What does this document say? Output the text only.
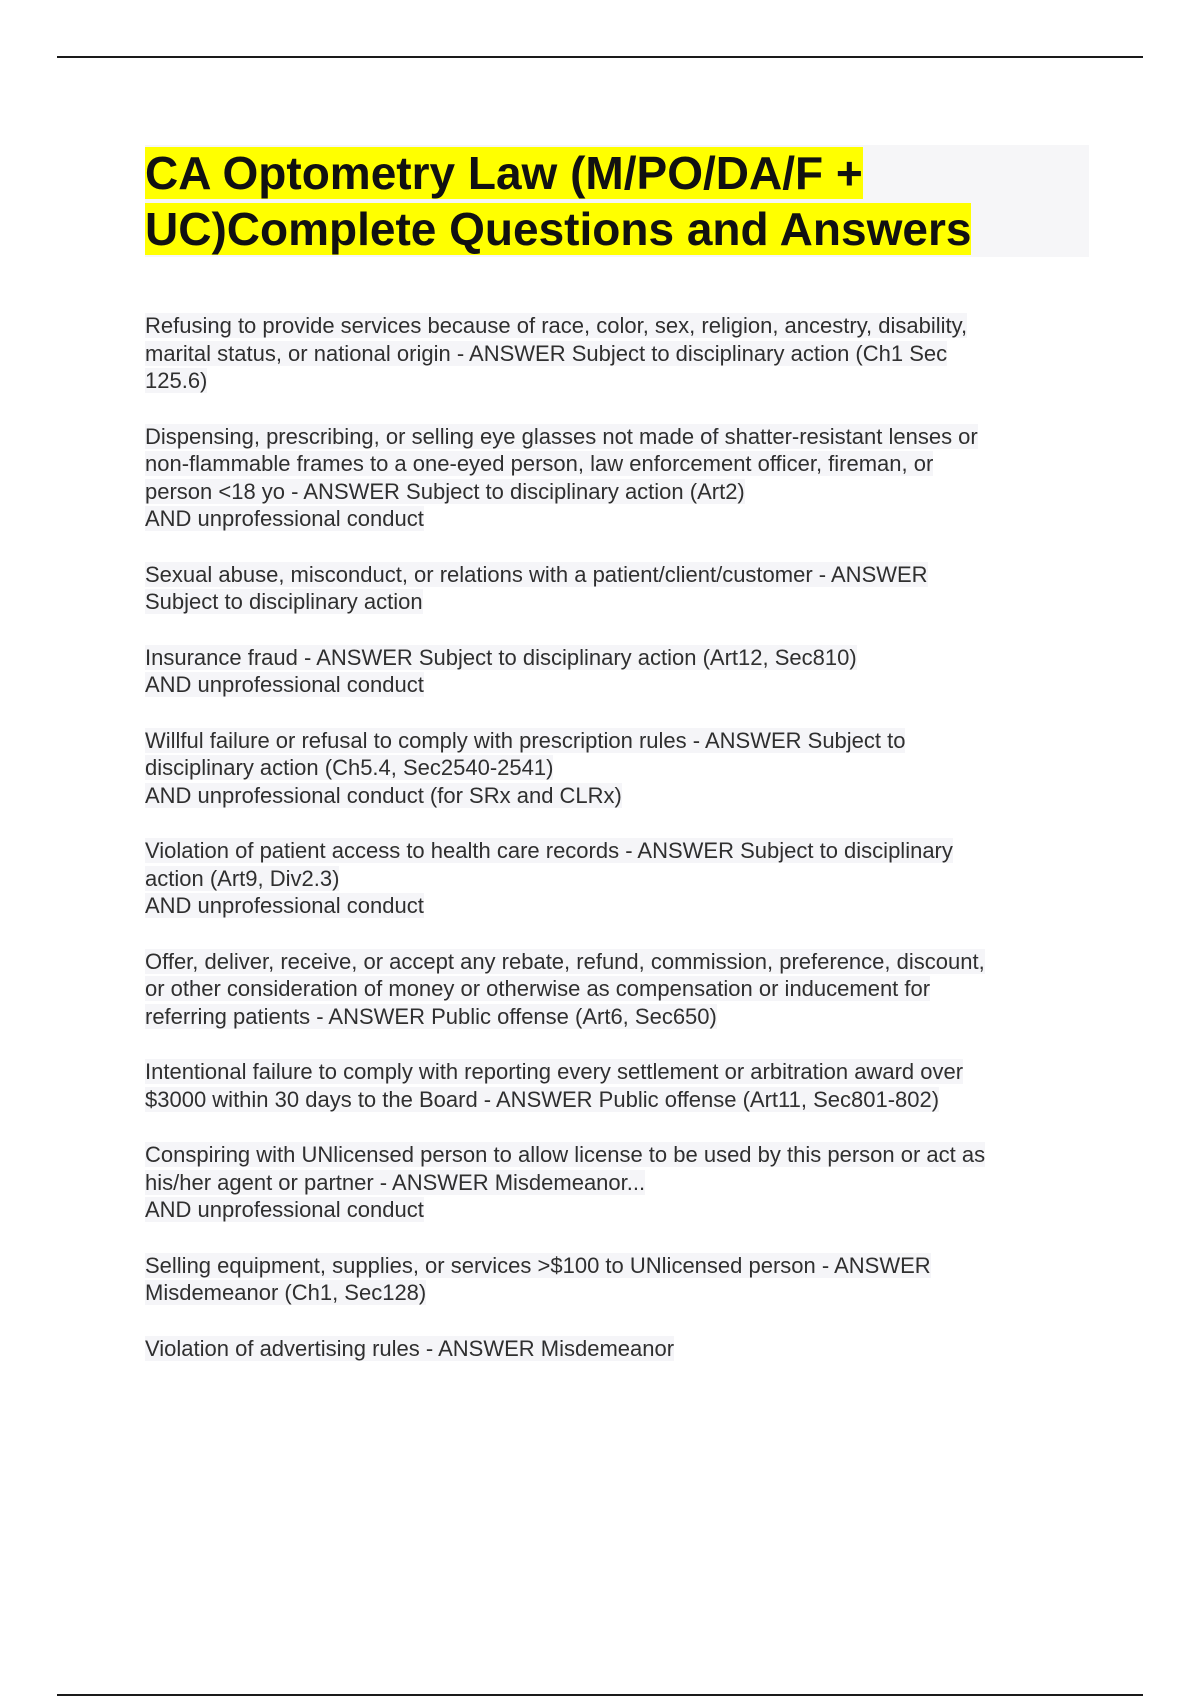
CA Optometry Law (M/PO/DA/F +
UC)Complete Questions and Answers
Refusing to provide services because of race, color, sex, religion, ancestry, disability,
marital status, or national origin - ANSWER Subject to disciplinary action (Ch1 Sec
125.6)
Dispensing, prescribing, or selling eye glasses not made of shatter-resistant lenses or
non-flammable frames to a one-eyed person, law enforcement officer, fireman, or
person <18 yo - ANSWER Subject to disciplinary action (Art2)
AND unprofessional conduct
Sexual abuse, misconduct, or relations with a patient/client/customer - ANSWER
Subject to disciplinary action
Insurance fraud - ANSWER Subject to disciplinary action (Art12, Sec810)
AND unprofessional conduct
Willful failure or refusal to comply with prescription rules - ANSWER Subject to
disciplinary action (Ch5.4, Sec2540-2541)
AND unprofessional conduct (for SRx and CLRx)
Violation of patient access to health care records - ANSWER Subject to disciplinary
action (Art9, Div2.3)
AND unprofessional conduct
Offer, deliver, receive, or accept any rebate, refund, commission, preference, discount,
or other consideration of money or otherwise as compensation or inducement for
referring patients - ANSWER Public offense (Art6, Sec650)
Intentional failure to comply with reporting every settlement or arbitration award over
$3000 within 30 days to the Board - ANSWER Public offense (Art11, Sec801-802)
Conspiring with UNlicensed person to allow license to be used by this person or act as
his/her agent or partner - ANSWER Misdemeanor...
AND unprofessional conduct
Selling equipment, supplies, or services >$100 to UNlicensed person - ANSWER
Misdemeanor (Ch1, Sec128)
Violation of advertising rules - ANSWER Misdemeanor
